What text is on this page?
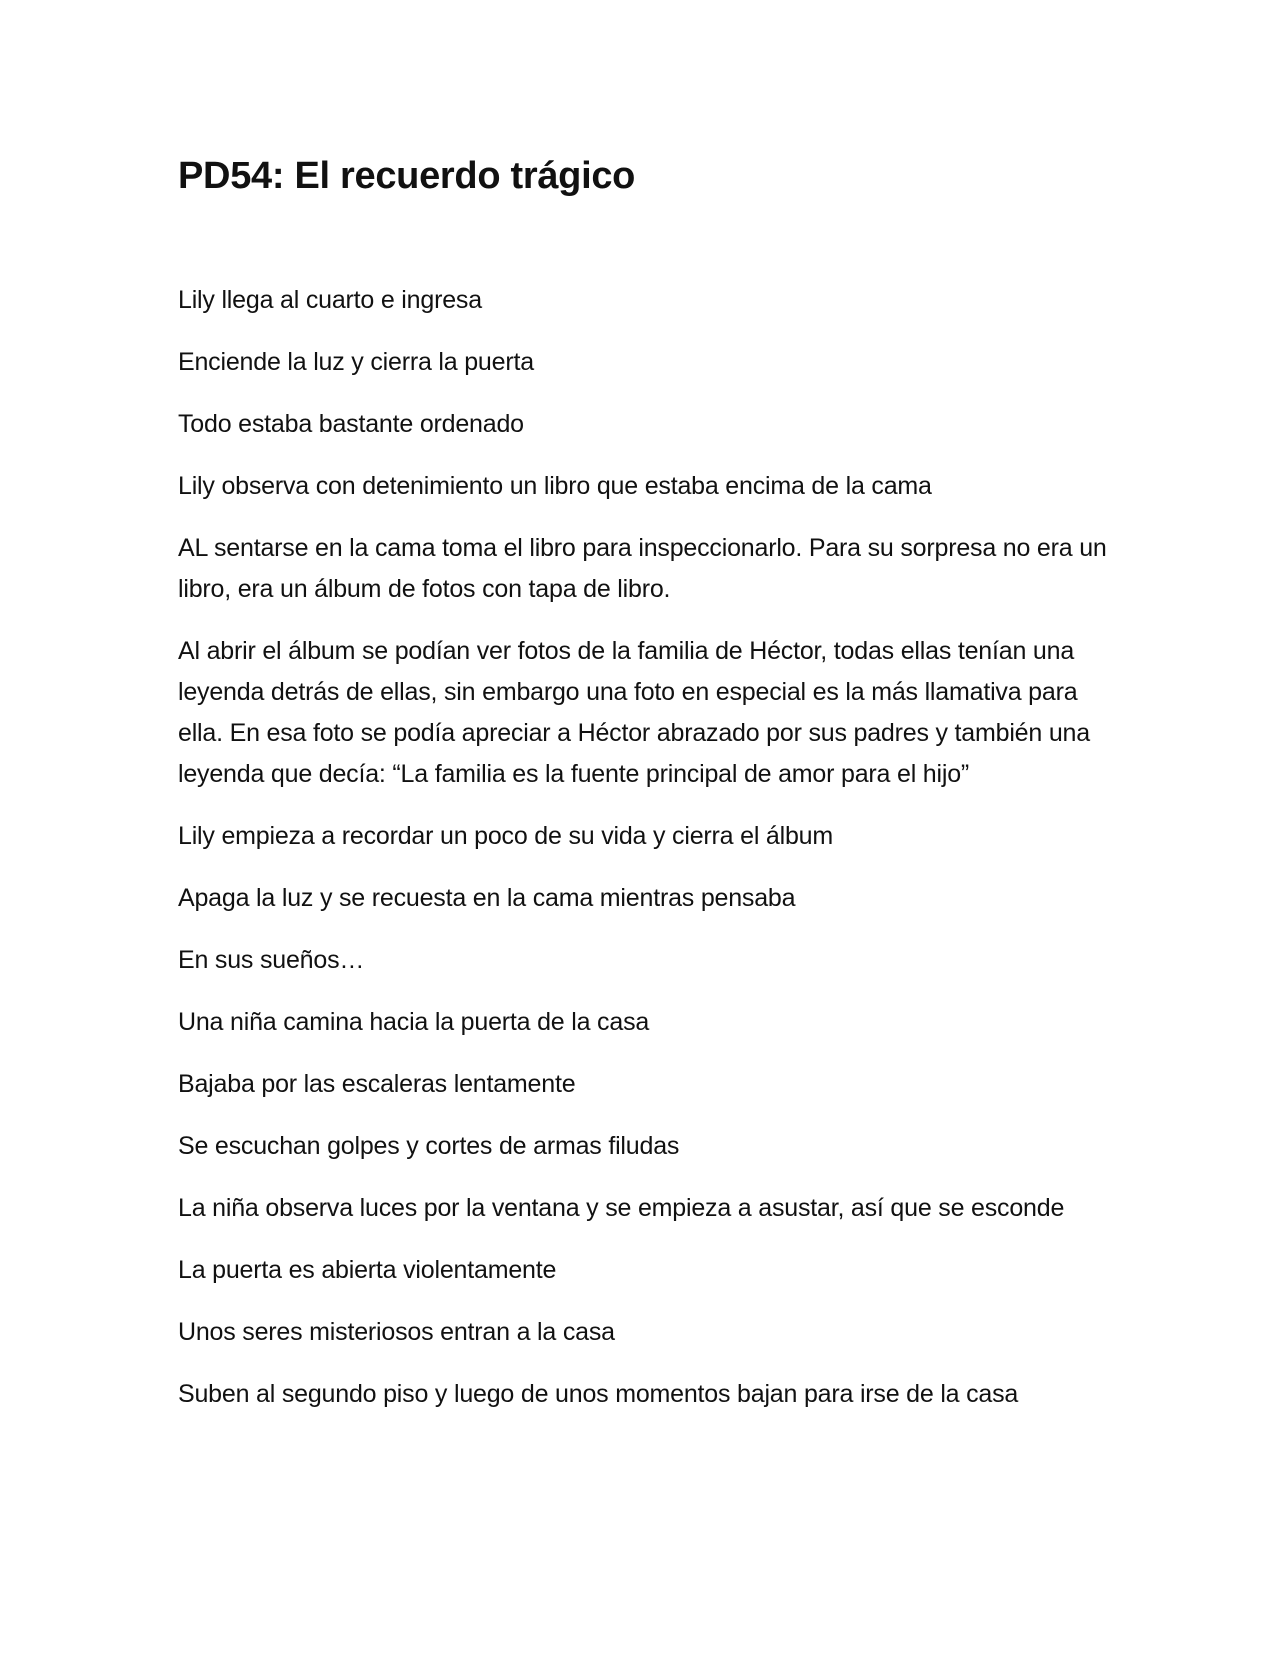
PD54: El recuerdo trágico

Lily llega al cuarto e ingresa

Enciende la luz y cierra la puerta

Todo estaba bastante ordenado

Lily observa con detenimiento un libro que estaba encima de la cama

AL sentarse en la cama toma el libro para inspeccionarlo. Para su sorpresa no era un libro, era un álbum de fotos con tapa de libro.

Al abrir el álbum se podían ver fotos de la familia de Héctor, todas ellas tenían una leyenda detrás de ellas, sin embargo una foto en especial es la más llamativa para ella. En esa foto se podía apreciar a Héctor abrazado por sus padres y también una leyenda que decía: “La familia es la fuente principal de amor para el hijo”

Lily empieza a recordar un poco de su vida y cierra el álbum

Apaga la luz y se recuesta en la cama mientras pensaba

En sus sueños…

Una niña camina hacia la puerta de la casa

Bajaba por las escaleras lentamente

Se escuchan golpes y cortes de armas filudas

La niña observa luces por la ventana y se empieza a asustar, así que se esconde

La puerta es abierta violentamente

Unos seres misteriosos entran a la casa

Suben al segundo piso y luego de unos momentos bajan para irse de la casa
